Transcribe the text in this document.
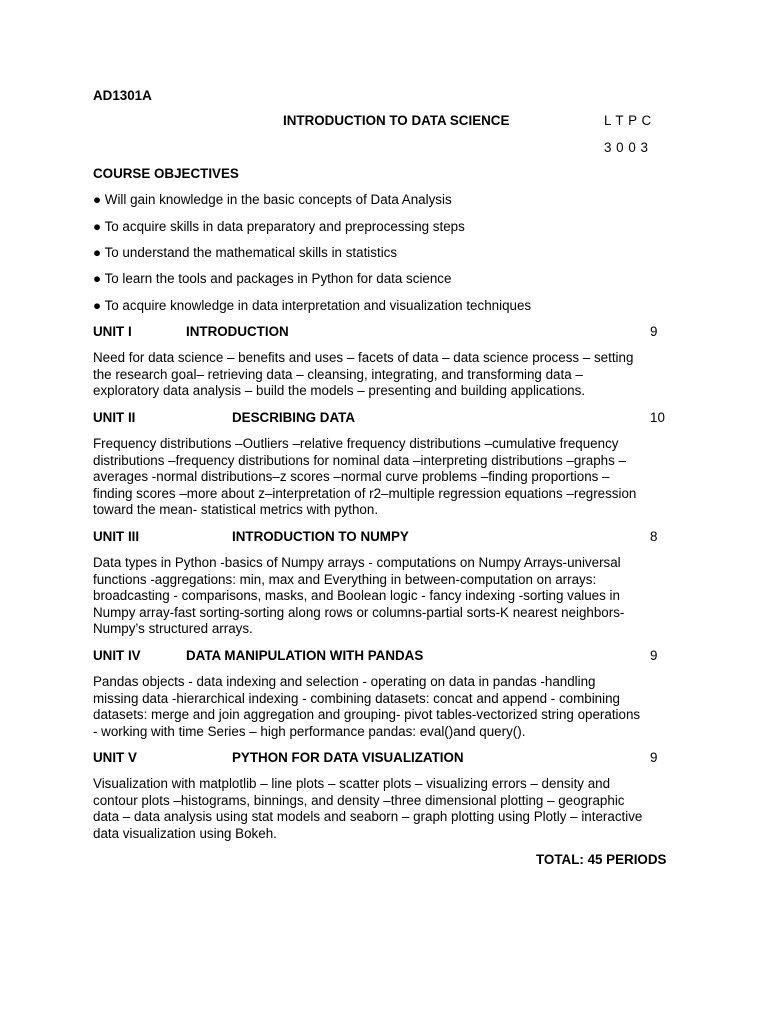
AD1301A
INTRODUCTION TO DATA SCIENCE	L T P C
3 0 0 3
COURSE OBJECTIVES
● Will gain knowledge in the basic concepts of Data Analysis
● To acquire skills in data preparatory and preprocessing steps
● To understand the mathematical skills in statistics
● To learn the tools and packages in Python for data science
● To acquire knowledge in data interpretation and visualization techniques
UNIT I	INTRODUCTION	9
Need for data science – benefits and uses – facets of data – data science process – setting
the research goal– retrieving data – cleansing, integrating, and transforming data –
exploratory data analysis – build the models – presenting and building applications.
UNIT II	DESCRIBING DATA	10
Frequency distributions –Outliers –relative frequency distributions –cumulative frequency
distributions –frequency distributions for nominal data –interpreting distributions –graphs –
averages -normal distributions–z scores –normal curve problems –finding proportions –
finding scores –more about z–interpretation of r2–multiple regression equations –regression
toward the mean- statistical metrics with python.
UNIT III	INTRODUCTION TO NUMPY	8
Data types in Python -basics of Numpy arrays - computations on Numpy Arrays-universal
functions -aggregations: min, max and Everything in between-computation on arrays:
broadcasting - comparisons, masks, and Boolean logic - fancy indexing -sorting values in
Numpy array-fast sorting-sorting along rows or columns-partial sorts-K nearest neighbors-
Numpy’s structured arrays.
UNIT IV	DATA MANIPULATION WITH PANDAS	9
Pandas objects - data indexing and selection - operating on data in pandas -handling
missing data -hierarchical indexing - combining datasets: concat and append - combining
datasets: merge and join aggregation and grouping- pivot tables-vectorized string operations
- working with time Series – high performance pandas: eval()and query().
UNIT V	PYTHON FOR DATA VISUALIZATION	9
Visualization with matplotlib – line plots – scatter plots – visualizing errors – density and
contour plots –histograms, binnings, and density –three dimensional plotting – geographic
data – data analysis using stat models and seaborn – graph plotting using Plotly – interactive
data visualization using Bokeh.
TOTAL: 45 PERIODS
